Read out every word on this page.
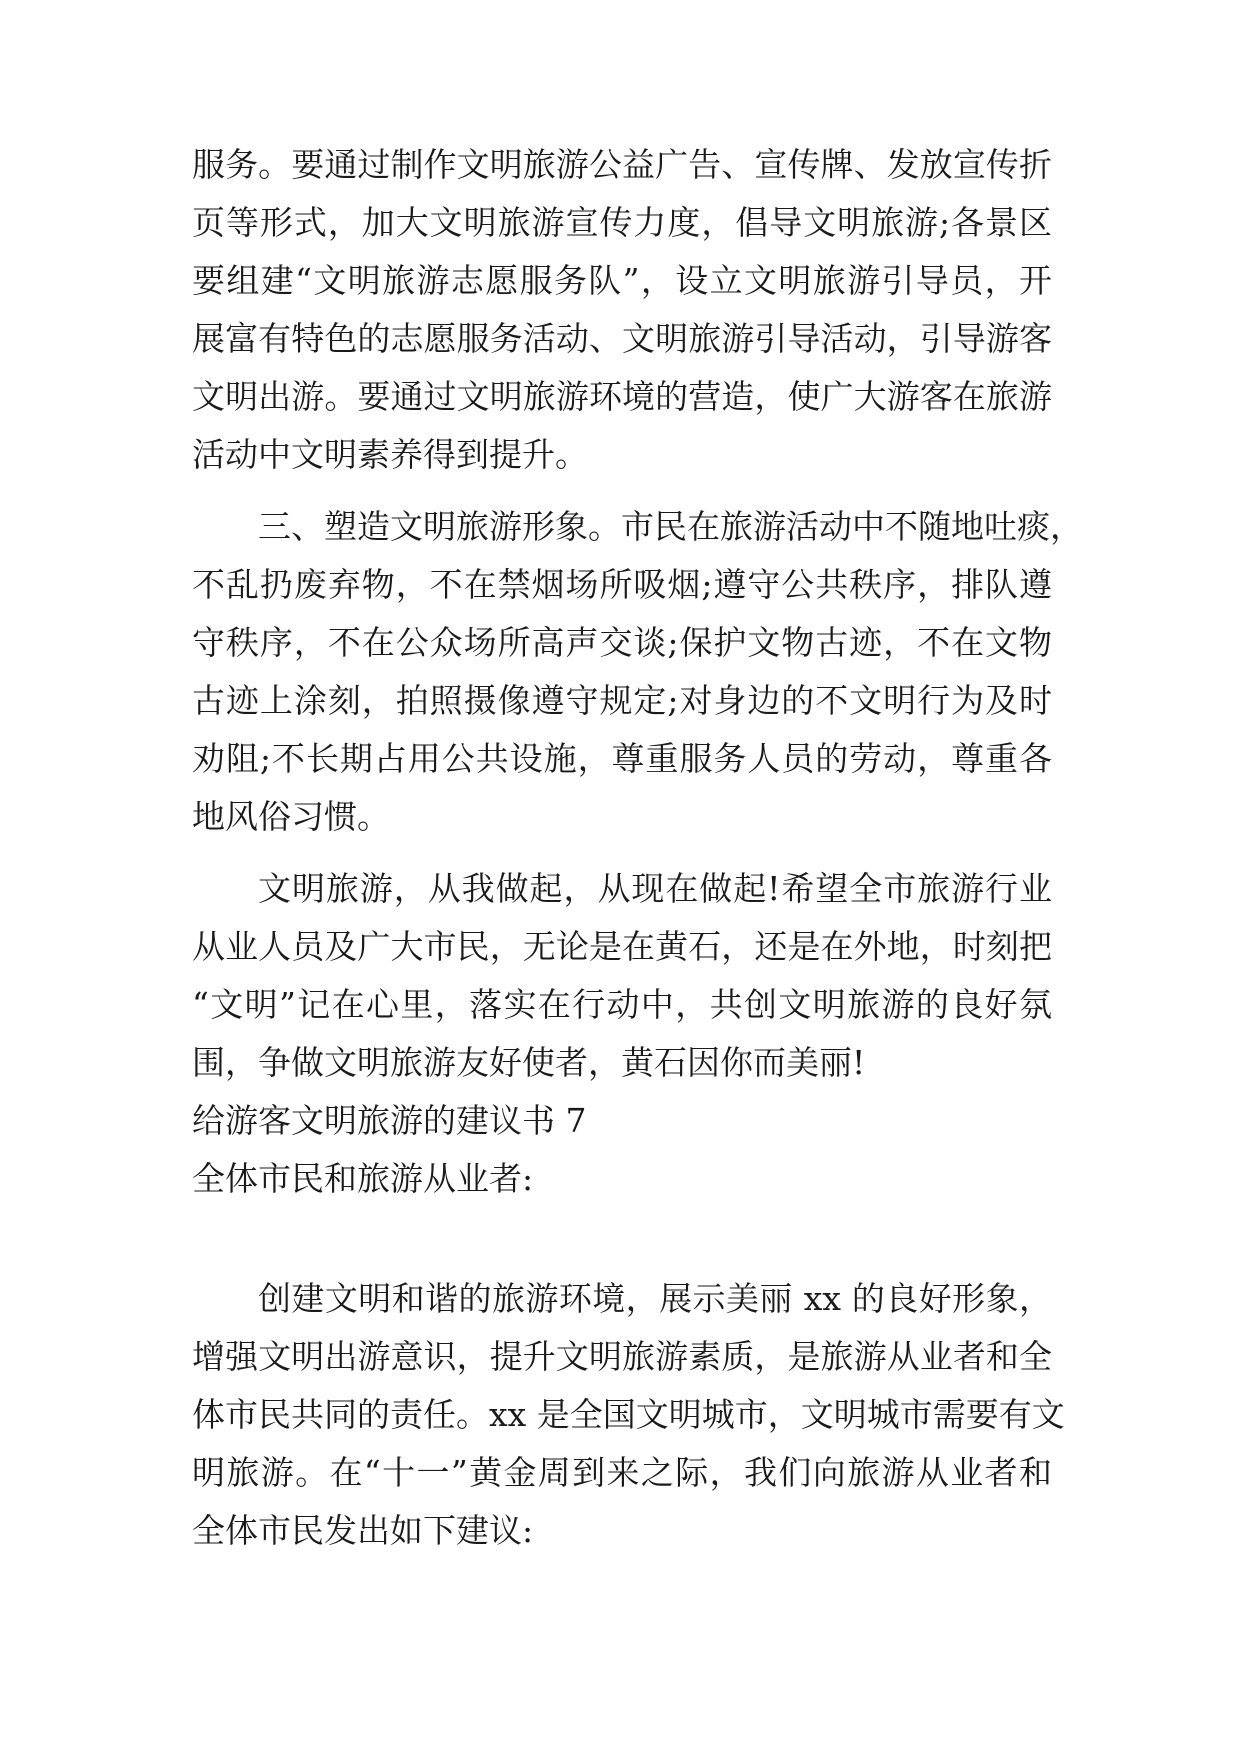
服务。要通过制作文明旅游公益广告、宣传牌、发放宣传折
页等形式，加大文明旅游宣传力度，倡导文明旅游;各景区
要组建“文明旅游志愿服务队”，设立文明旅游引导员，开
展富有特色的志愿服务活动、文明旅游引导活动，引导游客
文明出游。要通过文明旅游环境的营造，使广大游客在旅游
活动中文明素养得到提升。
三、塑造文明旅游形象。市民在旅游活动中不随地吐痰，
不乱扔废弃物，不在禁烟场所吸烟;遵守公共秩序，排队遵
守秩序，不在公众场所高声交谈;保护文物古迹，不在文物
古迹上涂刻，拍照摄像遵守规定;对身边的不文明行为及时
劝阻;不长期占用公共设施，尊重服务人员的劳动，尊重各
地风俗习惯。
文明旅游，从我做起，从现在做起!希望全市旅游行业
从业人员及广大市民，无论是在黄石，还是在外地，时刻把
“文明”记在心里，落实在行动中，共创文明旅游的良好氛
围，争做文明旅游友好使者，黄石因你而美丽!
给游客文明旅游的建议书 7
全体市民和旅游从业者:
创建文明和谐的旅游环境，展示美丽 xx 的良好形象，
增强文明出游意识，提升文明旅游素质，是旅游从业者和全
体市民共同的责任。xx 是全国文明城市，文明城市需要有文
明旅游。在“十一”黄金周到来之际，我们向旅游从业者和
全体市民发出如下建议:
